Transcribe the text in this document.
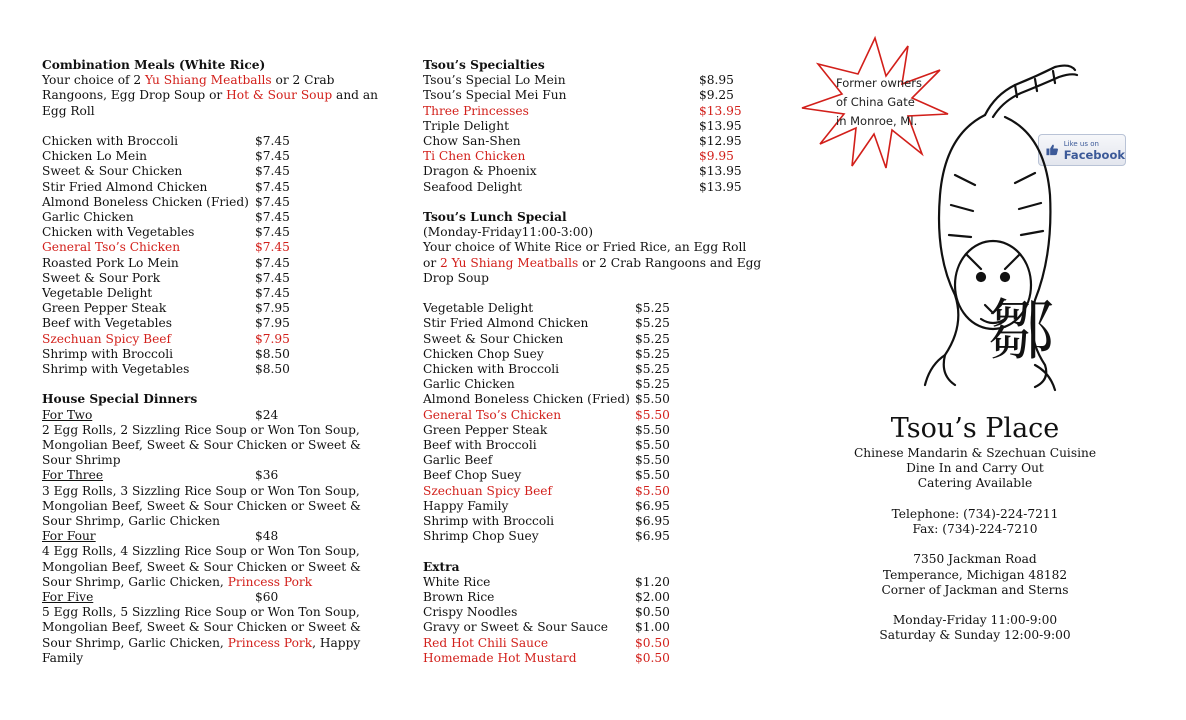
Combination Meals (White Rice)
Your choice of 2 Yu Shiang Meatballs or 2 Crab Rangoons, Egg Drop Soup or Hot & Sour Soup and an Egg Roll
Chicken with Broccoli	$7.45
Chicken Lo Mein	$7.45
Sweet & Sour Chicken	$7.45
Stir Fried Almond Chicken	$7.45
Almond Boneless Chicken (Fried) $7.45
Garlic Chicken	$7.45
Chicken with Vegetables	$7.45
General Tso’s Chicken	$7.45
Roasted Pork Lo Mein	$7.45
Sweet & Sour Pork	$7.45
Vegetable Delight	$7.45
Green Pepper Steak	$7.95
Beef with Vegetables	$7.95
Szechuan Spicy Beef	$7.95
Shrimp with Broccoli	$8.50
Shrimp with Vegetables	$8.50
House Special Dinners
For Two	$24
2 Egg Rolls, 2 Sizzling Rice Soup or Won Ton Soup, Mongolian Beef, Sweet & Sour Chicken or Sweet & Sour Shrimp
For Three	$36
3 Egg Rolls, 3 Sizzling Rice Soup or Won Ton Soup, Mongolian Beef, Sweet & Sour Chicken or Sweet & Sour Shrimp, Garlic Chicken
For Four	$48
4 Egg Rolls, 4 Sizzling Rice Soup or Won Ton Soup, Mongolian Beef, Sweet & Sour Chicken or Sweet & Sour Shrimp, Garlic Chicken, Princess Pork
For Five	$60
5 Egg Rolls, 5 Sizzling Rice Soup or Won Ton Soup, Mongolian Beef, Sweet & Sour Chicken or Sweet & Sour Shrimp, Garlic Chicken, Princess Pork, Happy Family
Tsou’s Specialties
Tsou’s Special Lo Mein	$8.95
Tsou’s Special Mei Fun	$9.25
Three Princesses	$13.95
Triple Delight	$13.95
Chow San-Shen	$12.95
Ti Chen Chicken	$9.95
Dragon & Phoenix	$13.95
Seafood Delight	$13.95
Tsou’s Lunch Special
(Monday-Friday11:00-3:00)
Your choice of White Rice or Fried Rice, an Egg Roll or 2 Yu Shiang Meatballs or 2 Crab Rangoons and Egg Drop Soup
Vegetable Delight	$5.25
Stir Fried Almond Chicken	$5.25
Sweet & Sour Chicken	$5.25
Chicken Chop Suey	$5.25
Chicken with Broccoli	$5.25
Garlic Chicken	$5.25
Almond Boneless Chicken (Fried) $5.50
General Tso’s Chicken	$5.50
Green Pepper Steak	$5.50
Beef with Broccoli	$5.50
Garlic Beef	$5.50
Beef Chop Suey	$5.50
Szechuan Spicy Beef	$5.50
Happy Family	$6.95
Shrimp with Broccoli	$6.95
Shrimp Chop Suey	$6.95
Extra
White Rice	$1.20
Brown Rice	$2.00
Crispy Noodles	$0.50
Gravy or Sweet & Sour Sauce	$1.00
Red Hot Chili Sauce	$0.50
Homemade Hot Mustard	$0.50
Former owners
of China Gate
in Monroe, MI.
Like us on
Facebook
鄒
Tsou’s Place
Chinese Mandarin & Szechuan Cuisine
Dine In and Carry Out
Catering Available
Telephone: (734)-224-7211
Fax: (734)-224-7210
7350 Jackman Road
Temperance, Michigan 48182
Corner of Jackman and Sterns
Monday-Friday 11:00-9:00
Saturday & Sunday 12:00-9:00
